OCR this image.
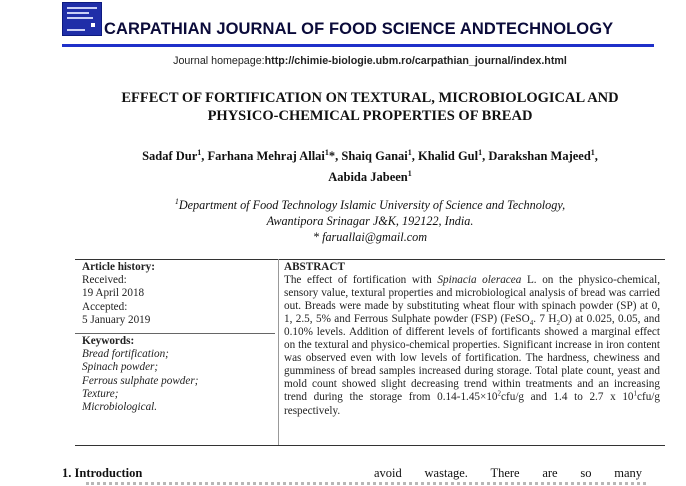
CARPATHIAN JOURNAL OF FOOD SCIENCE ANDTECHNOLOGY
Journal homepage:http://chimie-biologie.ubm.ro/carpathian_journal/index.html
EFFECT OF FORTIFICATION ON TEXTURAL, MICROBIOLOGICAL AND
PHYSICO-CHEMICAL PROPERTIES OF BREAD
Sadaf Dur$^1$, Farhana Mehraj Allai$^1$*, Shaiq Ganai$^1$, Khalid Gul$^1$, Darakshan Majeed$^1$,
Aabida Jabeen$^1$
$^1$Department of Food Technology Islamic University of Science and Technology,
Awantipora Srinagar J&K, 192122, India.
* faruallai@gmail.com
Article history:
Received:
19 April 2018
Accepted:
5 January 2019
Keywords:
Bread fortification;
Spinach powder;
Ferrous sulphate powder;
Texture;
Microbiological.
ABSTRACT
The effect of fortification with Spinacia oleracea L. on the physico-chemical, sensory value, textural properties and microbiological analysis of bread was carried out. Breads were made by substituting wheat flour with spinach powder (SP) at 0, 1, 2.5, 5% and Ferrous Sulphate powder (FSP) (FeSO$_4$. 7 $H_2O$) at 0.025, 0.05, and 0.10% levels. Addition of different levels of fortificants showed a marginal effect on the textural and physico-chemical properties. Significant increase in iron content was observed even with low levels of fortification. The hardness, chewiness and gumminess of bread samples increased during storage. Total plate count, yeast and mold count showed slight decreasing trend within treatments and an increasing trend during the storage from $0.14-1.45\times 10^2cfu/g$ and 1.4 to 2.7 x $10^1cfu/g$ respectively.
1. Introduction	avoid wastage. There are so many
